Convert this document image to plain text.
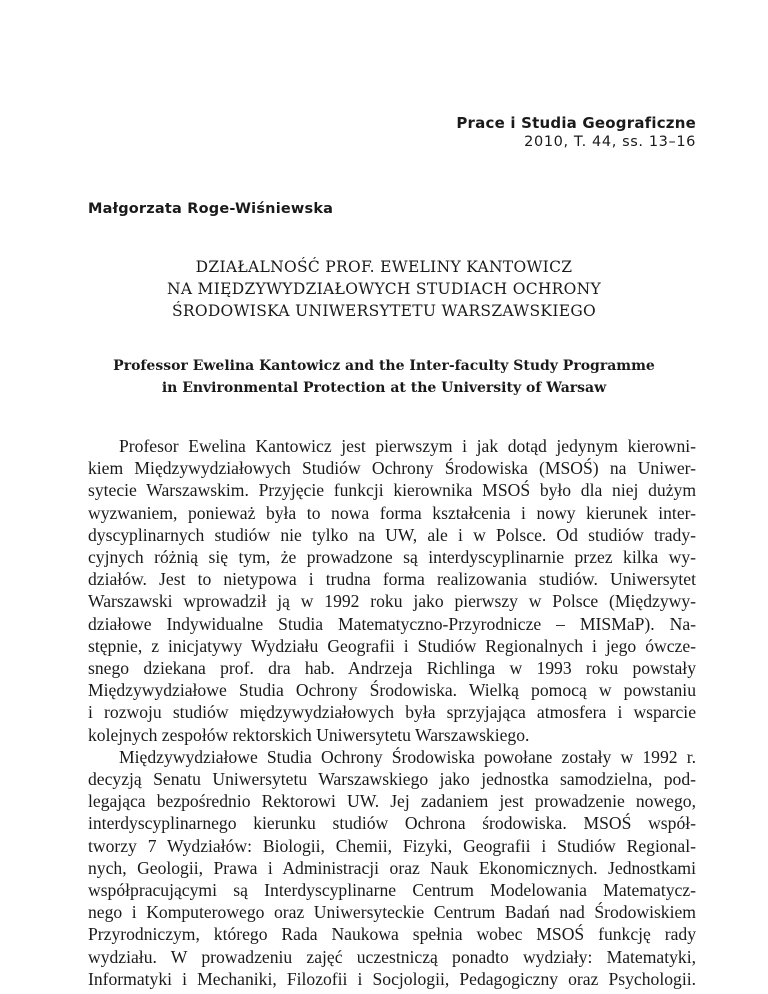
Prace i Studia Geograficzne
2010, T. 44, ss. 13–16
Małgorzata Roge-Wiśniewska
DZIAŁALNOŚĆ PROF. EWELINY KANTOWICZ
NA MIĘDZYWYDZIAŁOWYCH STUDIACH OCHRONY
ŚRODOWISKA UNIWERSYTETU WARSZAWSKIEGO
Professor Ewelina Kantowicz and the Inter-faculty Study Programme
in Environmental Protection at the University of Warsaw
Profesor Ewelina Kantowicz jest pierwszym i jak dotąd jedynym kierowni-
kiem Międzywydziałowych Studiów Ochrony Środowiska (MSOŚ) na Uniwer-
sytecie Warszawskim. Przyjęcie funkcji kierownika MSOŚ było dla niej dużym
wyzwaniem, ponieważ była to nowa forma kształcenia i nowy kierunek inter-
dyscyplinarnych studiów nie tylko na UW, ale i w Polsce. Od studiów trady-
cyjnych różnią się tym, że prowadzone są interdyscyplinarnie przez kilka wy-
działów. Jest to nietypowa i trudna forma realizowania studiów. Uniwersytet
Warszawski wprowadził ją w 1992 roku jako pierwszy w Polsce (Międzywy-
działowe Indywidualne Studia Matematyczno-Przyrodnicze – MISMaP). Na-
stępnie, z inicjatywy Wydziału Geografii i Studiów Regionalnych i jego ówcze-
snego dziekana prof. dra hab. Andrzeja Richlinga w 1993 roku powstały
Międzywydziałowe Studia Ochrony Środowiska. Wielką pomocą w powstaniu
i rozwoju studiów międzywydziałowych była sprzyjająca atmosfera i wsparcie
kolejnych zespołów rektorskich Uniwersytetu Warszawskiego.
Międzywydziałowe Studia Ochrony Środowiska powołane zostały w 1992 r.
decyzją Senatu Uniwersytetu Warszawskiego jako jednostka samodzielna, pod-
legająca bezpośrednio Rektorowi UW. Jej zadaniem jest prowadzenie nowego,
interdyscyplinarnego kierunku studiów Ochrona środowiska. MSOŚ współ-
tworzy 7 Wydziałów: Biologii, Chemii, Fizyki, Geografii i Studiów Regional-
nych, Geologii, Prawa i Administracji oraz Nauk Ekonomicznych. Jednostkami
współpracującymi są Interdyscyplinarne Centrum Modelowania Matematycz-
nego i Komputerowego oraz Uniwersyteckie Centrum Badań nad Środowiskiem
Przyrodniczym, którego Rada Naukowa spełnia wobec MSOŚ funkcję rady
wydziału. W prowadzeniu zajęć uczestniczą ponadto wydziały: Matematyki,
Informatyki i Mechaniki, Filozofii i Socjologii, Pedagogiczny oraz Psychologii.
